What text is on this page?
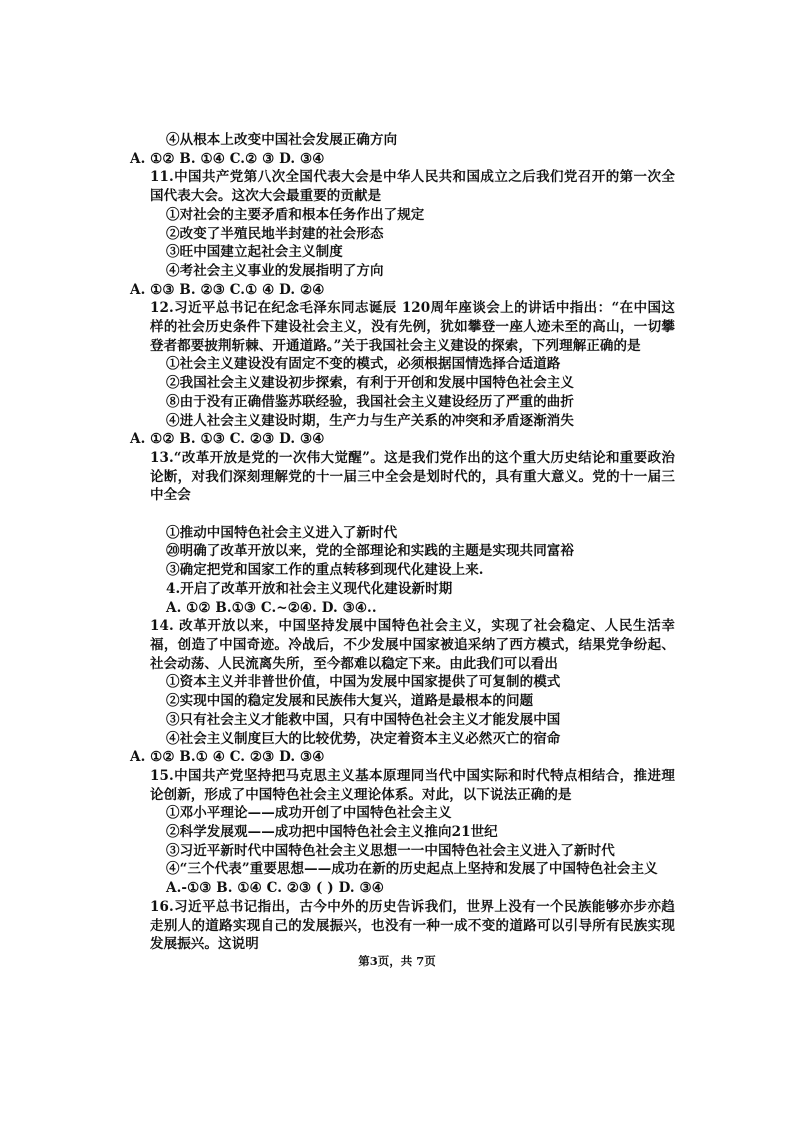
④从根本上改变中国社会发展正确方向
A. ①② B. ①④ C.② ③ D. ③④
11.中国共产党第八次全国代表大会是中华人民共和国成立之后我们党召开的第一次全国代表大会。这次大会最重要的贡献是
①对社会的主要矛盾和根本任务作出了规定
②改变了半殖民地半封建的社会形态
③旺中国建立起社会主义制度
④考社会主义事业的发展指明了方向
A. ①③ B. ②③ C.① ④ D. ②④
12.习近平总书记在纪念毛泽东同志诞辰 120周年座谈会上的讲话中指出：“在中国这样的社会历史条件下建设社会主义，没有先例，犹如攀登一座人迹未至的高山，一切攀登者都要披荆斩棘、开通道路。”关于我国社会主义建设的探索，下列理解正确的是
①社会主义建设没有固定不变的模式，必须根据国情选择合适道路
②我国社会主义建设初步探索，有利于开创和发展中国特色社会主义
⑧由于没有正确借鉴苏联经验，我国社会主义建设经历了严重的曲折
④进人社会主义建设时期，生产力与生产关系的冲突和矛盾逐渐消失
A. ①② B. ①③ C. ②③ D. ③④
13.“改革开放是党的一次伟大觉醒”。这是我们党作出的这个重大历史结论和重要政治论断，对我们深刻理解党的十一届三中全会是划时代的，具有重大意义。党的十一届三中全会

①推动中国特色社会主义进入了新时代
⑳明确了改革开放以来，党的全部理论和实践的主题是实现共同富裕
③确定把党和国家工作的重点转移到现代化建设上来.
4.开启了改革开放和社会主义现代化建设新时期
A. ①② B.①③ C.~②④. D. ③④..
14. 改革开放以来，中国坚持发展中国特色社会主义，实现了社会稳定、人民生活幸福，创造了中国奇迹。冷战后，不少发展中国家被追采纳了西方模式，结果党争纷起、社会动荡、人民流离失所，至今都难以稳定下来。由此我们可以看出
①资本主义并非普世价值，中国为发展中国家提供了可复制的模式
②实现中国的稳定发展和民族伟大复兴，道路是最根本的问题
③只有社会主义才能救中国，只有中国特色社会主义才能发展中国
④社会主义制度巨大的比较优势，决定着资本主义必然灭亡的宿命
A. ①② B.① ④ C. ②③ D. ③④
15.中国共产党坚持把马克思主义基本原理同当代中国实际和时代特点相结合，推进理论创新，形成了中国特色社会主义理论体系。对此，以下说法正确的是
①邓小平理论——成功开创了中国特色社会主义
②科学发展观——成功把中国特色社会主义推向21世纪
③习近平新时代中国特色社会主义思想一一中国特色社会主义进入了新时代
④“三个代表”重要思想——成功在新的历史起点上坚持和发展了中国特色社会主义
A.-①③ B. ①④ C. ②③ ( ) D. ③④
16.习近平总书记指出，古今中外的历史告诉我们，世界上没有一个民族能够亦步亦趋走别人的道路实现自己的发展振兴，也没有一种一成不变的道路可以引导所有民族实现发展振兴。这说明
第3页，共 7页
